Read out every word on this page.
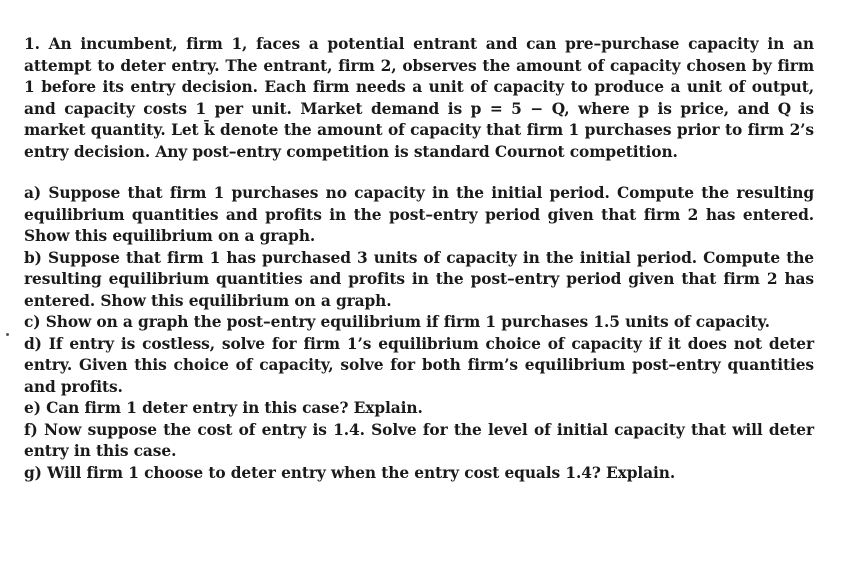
1. An incumbent, firm 1, faces a potential entrant and can pre–purchase capacity in an attempt to deter entry. The entrant, firm 2, observes the amount of capacity chosen by firm 1 before its entry decision. Each firm needs a unit of capacity to produce a unit of output, and capacity costs 1 per unit. Market demand is p = 5 − Q, where p is price, and Q is market quantity. Let k̄ denote the amount of capacity that firm 1 purchases prior to firm 2’s entry decision. Any post–entry competition is standard Cournot competition.

a) Suppose that firm 1 purchases no capacity in the initial period. Compute the resulting equilibrium quantities and profits in the post–entry period given that firm 2 has entered. Show this equilibrium on a graph.
b) Suppose that firm 1 has purchased 3 units of capacity in the initial period. Compute the resulting equilibrium quantities and profits in the post–entry period given that firm 2 has entered. Show this equilibrium on a graph.
c) Show on a graph the post–entry equilibrium if firm 1 purchases 1.5 units of capacity.
d) If entry is costless, solve for firm 1’s equilibrium choice of capacity if it does not deter entry. Given this choice of capacity, solve for both firm’s equilibrium post–entry quantities and profits.
e) Can firm 1 deter entry in this case? Explain.
f) Now suppose the cost of entry is 1.4. Solve for the level of initial capacity that will deter entry in this case.
g) Will firm 1 choose to deter entry when the entry cost equals 1.4? Explain.
